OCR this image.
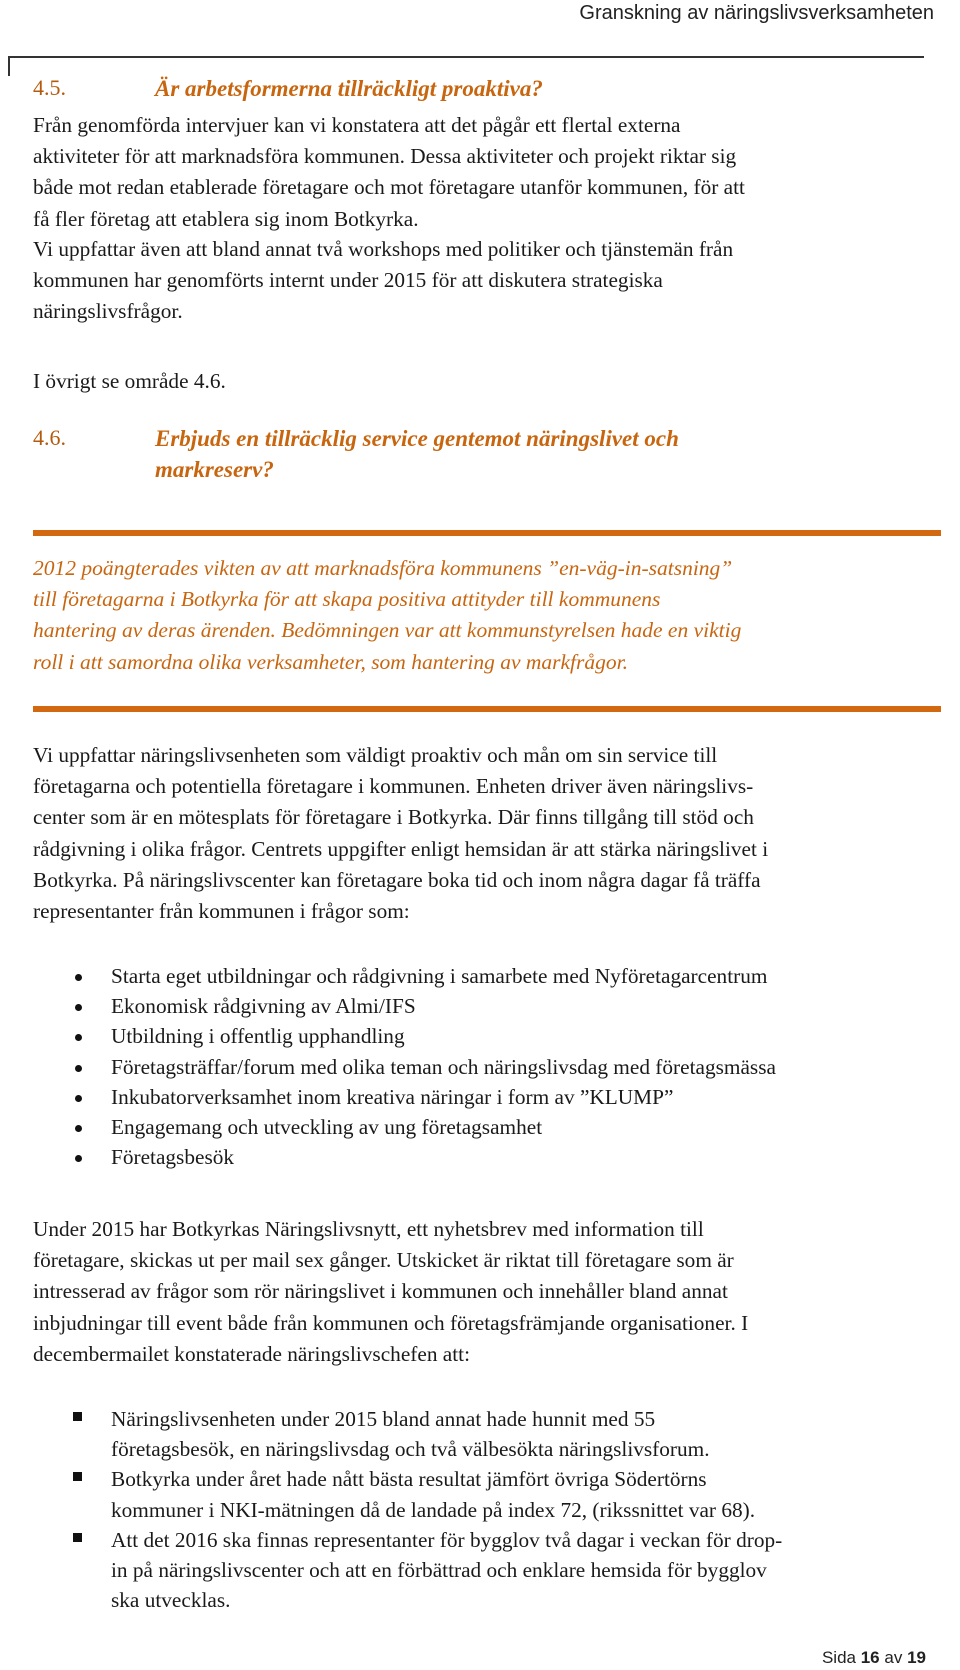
Granskning av näringslivsverksamheten
4.5.	Är arbetsformerna tillräckligt proaktiva?
Från genomförda intervjuer kan vi konstatera att det pågår ett flertal externa
aktiviteter för att marknadsföra kommunen. Dessa aktiviteter och projekt riktar sig
både mot redan etablerade företagare och mot företagare utanför kommunen, för att
få fler företag att etablera sig inom Botkyrka.
Vi uppfattar även att bland annat två workshops med politiker och tjänstemän från
kommunen har genomförts internt under 2015 för att diskutera strategiska
näringslivsfrågor.
I övrigt se område 4.6.
4.6.	Erbjuds en tillräcklig service gentemot näringslivet och
markreserv?
2012 poängterades vikten av att marknadsföra kommunens ”en-väg-in-satsning”
till företagarna i Botkyrka för att skapa positiva attityder till kommunens
hantering av deras ärenden. Bedömningen var att kommunstyrelsen hade en viktig
roll i att samordna olika verksamheter, som hantering av markfrågor.
Vi uppfattar näringslivsenheten som väldigt proaktiv och mån om sin service till
företagarna och potentiella företagare i kommunen. Enheten driver även näringslivs-
center som är en mötesplats för företagare i Botkyrka. Där finns tillgång till stöd och
rådgivning i olika frågor. Centrets uppgifter enligt hemsidan är att stärka näringslivet i
Botkyrka. På näringslivscenter kan företagare boka tid och inom några dagar få träffa
representanter från kommunen i frågor som:
Starta eget utbildningar och rådgivning i samarbete med Nyföretagarcentrum
Ekonomisk rådgivning av Almi/IFS
Utbildning i offentlig upphandling
Företagsträffar/forum med olika teman och näringslivsdag med företagsmässa
Inkubatorverksamhet inom kreativa näringar i form av ”KLUMP”
Engagemang och utveckling av ung företagsamhet
Företagsbesök
Under 2015 har Botkyrkas Näringslivsnytt, ett nyhetsbrev med information till
företagare, skickas ut per mail sex gånger. Utskicket är riktat till företagare som är
intresserad av frågor som rör näringslivet i kommunen och innehåller bland annat
inbjudningar till event både från kommunen och företagsfrämjande organisationer. I
decembermailet konstaterade näringslivschefen att:
Näringslivsenheten under 2015 bland annat hade hunnit med 55
företagsbesök, en näringslivsdag och två välbesökta näringslivsforum.
Botkyrka under året hade nått bästa resultat jämfört övriga Södertörns
kommuner i NKI-mätningen då de landade på index 72, (rikssnittet var 68).
Att det 2016 ska finnas representanter för bygglov två dagar i veckan för drop-
in på näringslivscenter och att en förbättrad och enklare hemsida för bygglov
ska utvecklas.
Sida 16 av 19
